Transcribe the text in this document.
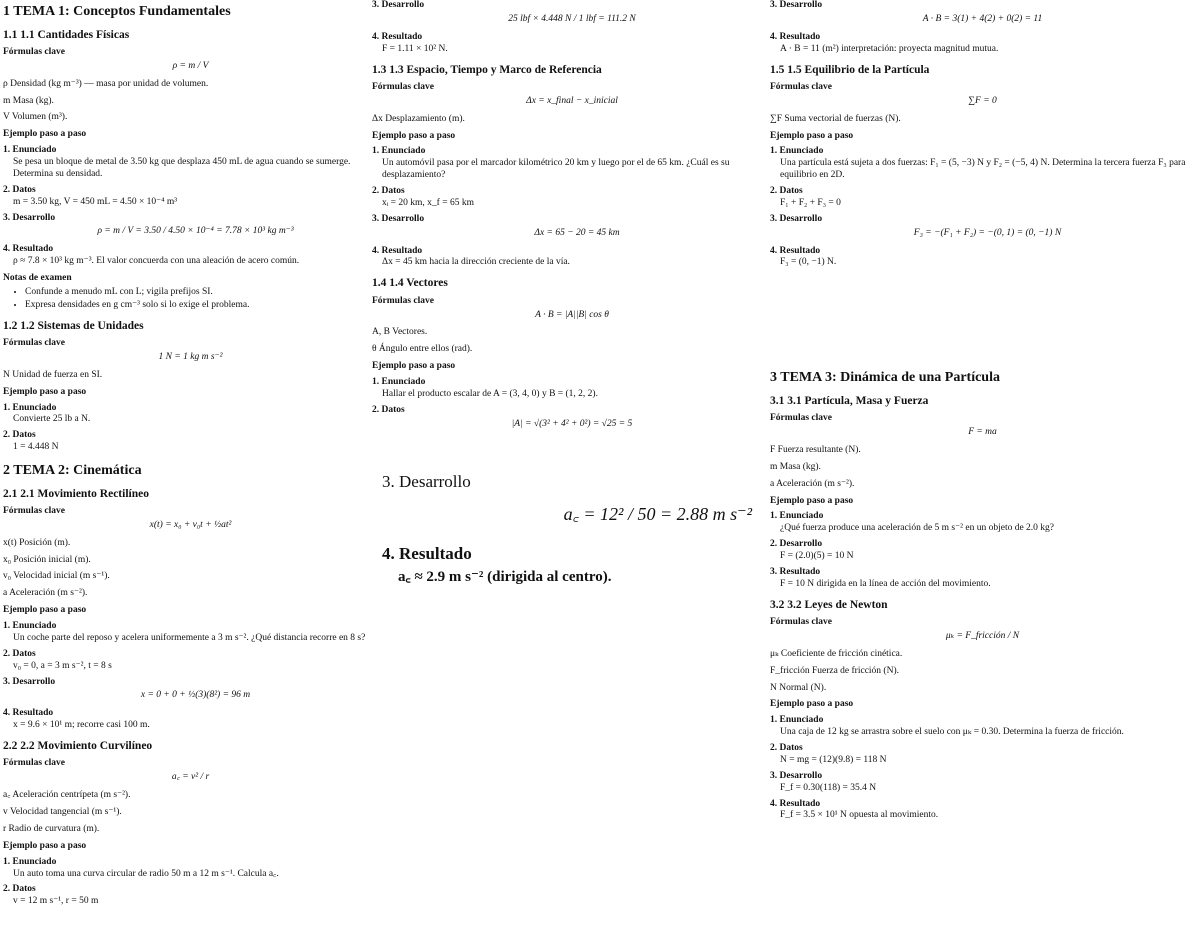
1 TEMA 1: Conceptos Fundamentales
1.1 1.1 Cantidades Físicas
Fórmulas clave
ρ = m / V
ρ Densidad (kg m⁻³) — masa por unidad de volumen.
m Masa (kg).
V Volumen (m³).
Ejemplo paso a paso
1. Enunciado
Se pesa un bloque de metal de 3.50 kg que desplaza 450 mL de agua cuando se sumerge. Determina su densidad.
2. Datos
m = 3.50 kg, V = 450 mL = 4.50 × 10⁻⁴ m³
3. Desarrollo
ρ = m / V = 3.50 / 4.50 × 10⁻⁴ = 7.78 × 10³ kg m⁻³
4. Resultado
ρ ≈ 7.8 × 10³ kg m⁻³. El valor concuerda con una aleación de acero común.
Notas de examen
• Confunde a menudo mL con L; vigila prefijos SI.
• Expresa densidades en g cm⁻³ solo si lo exige el problema.
1.2 1.2 Sistemas de Unidades
Fórmulas clave
1 N = 1 kg m s⁻²
N Unidad de fuerza en SI.
Ejemplo paso a paso
1. Enunciado
Convierte 25 lb a N.
2. Datos
1 = 4.448 N
2 TEMA 2: Cinemática
2.1 2.1 Movimiento Rectilíneo
Fórmulas clave
x(t) = x₀ + v₀t + ½at²
x(t) Posición (m).
x₀ Posición inicial (m).
v₀ Velocidad inicial (m s⁻¹).
a Aceleración (m s⁻²).
Ejemplo paso a paso
1. Enunciado
Un coche parte del reposo y acelera uniformemente a 3 m s⁻². ¿Qué distancia recorre en 8 s?
2. Datos
v₀ = 0, a = 3 m s⁻², t = 8 s
3. Desarrollo
x = 0 + 0 + ½(3)(8²) = 96 m
4. Resultado
x = 9.6 × 10¹ m; recorre casi 100 m.
2.2 2.2 Movimiento Curvilíneo
Fórmulas clave
a꜀ = v² / r
a꜀ Aceleración centrípeta (m s⁻²).
v Velocidad tangencial (m s⁻¹).
r Radio de curvatura (m).
Ejemplo paso a paso
1. Enunciado
Un auto toma una curva circular de radio 50 m a 12 m s⁻¹. Calcula a꜀.
2. Datos
v = 12 m s⁻¹, r = 50 m
3. Desarrollo
25 lbf × 4.448 N / 1 lbf = 111.2 N
4. Resultado
F = 1.11 × 10² N.
1.3 1.3 Espacio, Tiempo y Marco de Referencia
Fórmulas clave
Δx = x_final − x_inicial
Δx Desplazamiento (m).
Ejemplo paso a paso
1. Enunciado
Un automóvil pasa por el marcador kilométrico 20 km y luego por el de 65 km. ¿Cuál es su desplazamiento?
2. Datos
xᵢ = 20 km, x_f = 65 km
3. Desarrollo
Δx = 65 − 20 = 45 km
4. Resultado
Δx = 45 km hacia la dirección creciente de la vía.
1.4 1.4 Vectores
Fórmulas clave
A · B = |A||B| cos θ
A, B Vectores.
θ Ángulo entre ellos (rad).
Ejemplo paso a paso
1. Enunciado
Hallar el producto escalar de A = (3, 4, 0) y B = (1, 2, 2).
2. Datos
|A| = √(3² + 4² + 0²) = √25 = 5
3. Desarrollo
a꜀ = 12² / 50 = 2.88 m s⁻²
4. Resultado
a꜀ ≈ 2.9 m s⁻² (dirigida al centro).
3. Desarrollo
A · B = 3(1) + 4(2) + 0(2) = 11
4. Resultado
A · B = 11 (m²) interpretación: proyecta magnitud mutua.
1.5 1.5 Equilibrio de la Partícula
Fórmulas clave
∑F = 0
∑F Suma vectorial de fuerzas (N).
Ejemplo paso a paso
1. Enunciado
Una partícula está sujeta a dos fuerzas: F₁ = (5, −3) N y F₂ = (−5, 4) N. Determina la tercera fuerza F₃ para equilibrio en 2D.
2. Datos
F₁ + F₂ + F₃ = 0
3. Desarrollo
F₃ = −(F₁ + F₂) = −(0, 1) = (0, −1) N
4. Resultado
F₃ = (0, −1) N.
3 TEMA 3: Dinámica de una Partícula
3.1 3.1 Partícula, Masa y Fuerza
Fórmulas clave
F = ma
F Fuerza resultante (N).
m Masa (kg).
a Aceleración (m s⁻²).
Ejemplo paso a paso
1. Enunciado
¿Qué fuerza produce una aceleración de 5 m s⁻² en un objeto de 2.0 kg?
2. Desarrollo
F = (2.0)(5) = 10 N
3. Resultado
F = 10 N dirigida en la línea de acción del movimiento.
3.2 3.2 Leyes de Newton
Fórmulas clave
μₖ = F_fricción / N
μₖ Coeficiente de fricción cinética.
F_fricción Fuerza de fricción (N).
N Normal (N).
Ejemplo paso a paso
1. Enunciado
Una caja de 12 kg se arrastra sobre el suelo con μₖ = 0.30. Determina la fuerza de fricción.
2. Datos
N = mg = (12)(9.8) = 118 N
3. Desarrollo
F_f = 0.30(118) = 35.4 N
4. Resultado
F_f = 3.5 × 10¹ N opuesta al movimiento.
